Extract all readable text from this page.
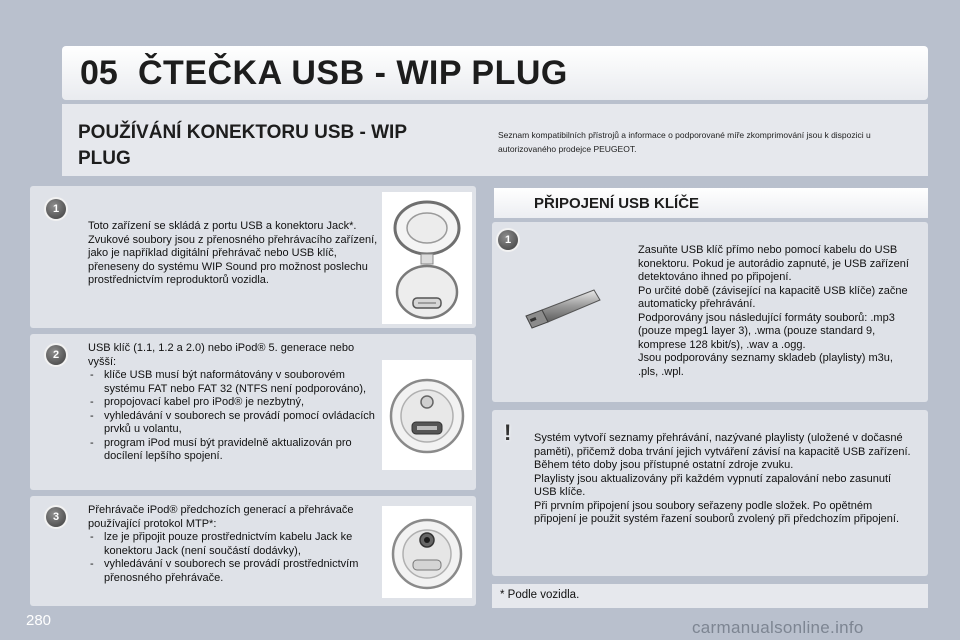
05 ČTEČKA USB - WIP PLUG
POUŽÍVÁNÍ KONEKTORU USB - WIP PLUG
Seznam kompatibilních přístrojů a informace o podporované míře zkomprimování jsou k dispozici u autorizovaného prodejce PEUGEOT.
Toto zařízení se skládá z portu USB a konektoru Jack*. Zvukové soubory jsou z přenosného přehrávacího zařízení, jako je například digitální přehrávač nebo USB klíč, přeneseny do systému WIP Sound pro možnost poslechu prostřednictvím reproduktorů vozidla.
1
USB klíč (1.1, 1.2 a 2.0) nebo iPod® 5. generace nebo vyšší:
- klíče USB musí být naformátovány v souborovém systému FAT nebo FAT 32 (NTFS není podporováno),
- propojovací kabel pro iPod® je nezbytný,
- vyhledávání v souborech se provádí pomocí ovládacích prvků u volantu,
- program iPod musí být pravidelně aktualizován pro docílení lepšího spojení.
2
Přehrávače iPod® předchozích generací a přehrávače používající protokol MTP*:
- lze je připojit pouze prostřednictvím kabelu Jack ke konektoru Jack (není součástí dodávky),
- vyhledávání v souborech se provádí prostřednictvím přenosného přehrávače.
3
PŘIPOJENÍ USB KLÍČE
Zasuňte USB klíč přímo nebo pomocí kabelu do USB konektoru. Pokud je autorádio zapnuté, je USB zařízení detektováno ihned po připojení.
Po určité době (závisející na kapacitě USB klíče) začne automaticky přehrávání.
Podporovány jsou následující formáty souborů: .mp3 (pouze mpeg1 layer 3), .wma (pouze standard 9, komprese 128 kbit/s), .wav a .ogg.
Jsou podporovány seznamy skladeb (playlisty) m3u, .pls, .wpl.
1
Systém vytvoří seznamy přehrávání, nazývané playlisty (uložené v dočasné paměti), přičemž doba trvání jejich vytváření závisí na kapacitě USB zařízení.
Během této doby jsou přístupné ostatní zdroje zvuku.
Playlisty jsou aktualizovány při každém vypnutí zapalování nebo zasunutí USB klíče.
Při prvním připojení jsou soubory seřazeny podle složek. Po opětném připojení je použit systém řazení souborů zvolený při předchozím připojení.
!
* Podle vozidla.
280	carmanualsonline.info
